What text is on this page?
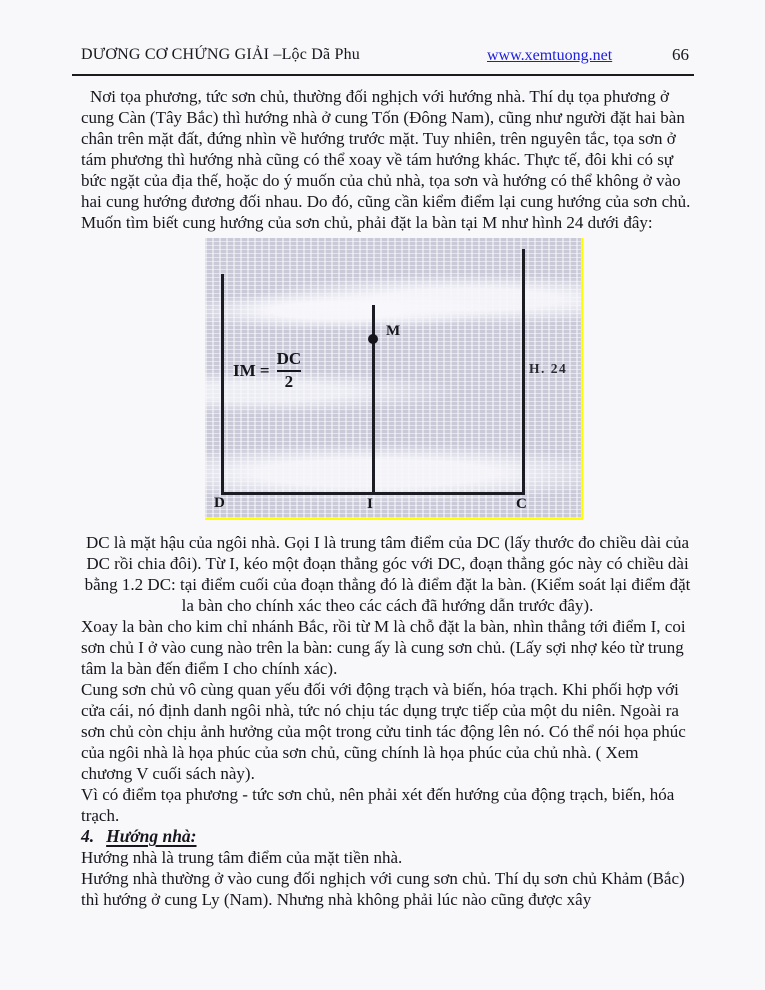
DƯƠNG CƠ CHỨNG GIẢI –Lộc Dã Phu	www.xemtuong.net	66

Nơi tọa phương, tức sơn chủ, thường đối nghịch với hướng nhà. Thí dụ tọa phương ở cung Càn (Tây Bắc) thì hướng nhà ở cung Tốn (Đông Nam), cũng như người đặt hai bàn chân trên mặt đất, đứng nhìn về hướng trước mặt. Tuy nhiên, trên nguyên tắc, tọa sơn ở tám phương thì hướng nhà cũng có thể xoay về tám hướng khác. Thực tế, đôi khi có sự bức ngặt của địa thế, hoặc do ý muốn của chủ nhà, tọa sơn và hướng có thể không ở vào hai cung hướng đương đối nhau. Do đó, cũng cần kiểm điểm lại cung hướng của sơn chủ.

Muốn tìm biết cung hướng của sơn chủ, phải đặt la bàn tại M như hình 24 dưới đây:

M
IM = $\frac{DC}{2}$	H. 24
D	I	C

DC là mặt hậu của ngôi nhà. Gọi I là trung tâm điểm của DC (lấy thước đo chiều dài của DC rồi chia đôi). Từ I, kéo một đoạn thẳng góc với DC, đoạn thẳng góc này có chiều dài bằng 1.2 DC: tại điểm cuối của đoạn thẳng đó là điểm đặt la bàn. (Kiểm soát lại điểm đặt la bàn cho chính xác theo các cách đã hướng dẫn trước đây).

Xoay la bàn cho kim chỉ nhánh Bắc, rồi từ M là chỗ đặt la bàn, nhìn thẳng tới điểm I, coi sơn chủ I ở vào cung nào trên la bàn: cung ấy là cung sơn chủ. (Lấy sợi nhợ kéo từ trung tâm la bàn đến điểm I cho chính xác).

Cung sơn chủ vô cùng quan yếu đối với động trạch và biến, hóa trạch. Khi phối hợp với cửa cái, nó định danh ngôi nhà, tức nó chịu tác dụng trực tiếp của một du niên. Ngoài ra sơn chủ còn chịu ảnh hưởng của một trong cửu tinh tác động lên nó. Có thể nói họa phúc của ngôi nhà là họa phúc của sơn chủ, cũng chính là họa phúc của chủ nhà. ( Xem chương V cuối sách này).

Vì có điểm tọa phương - tức sơn chủ, nên phải xét đến hướng của động trạch, biến, hóa trạch.

4. Hướng nhà:

Hướng nhà là trung tâm điểm của mặt tiền nhà.

Hướng nhà thường ở vào cung đối nghịch với cung sơn chủ. Thí dụ sơn chủ Khảm (Bắc) thì hướng ở cung Ly (Nam). Nhưng nhà không phải lúc nào cũng được xây
